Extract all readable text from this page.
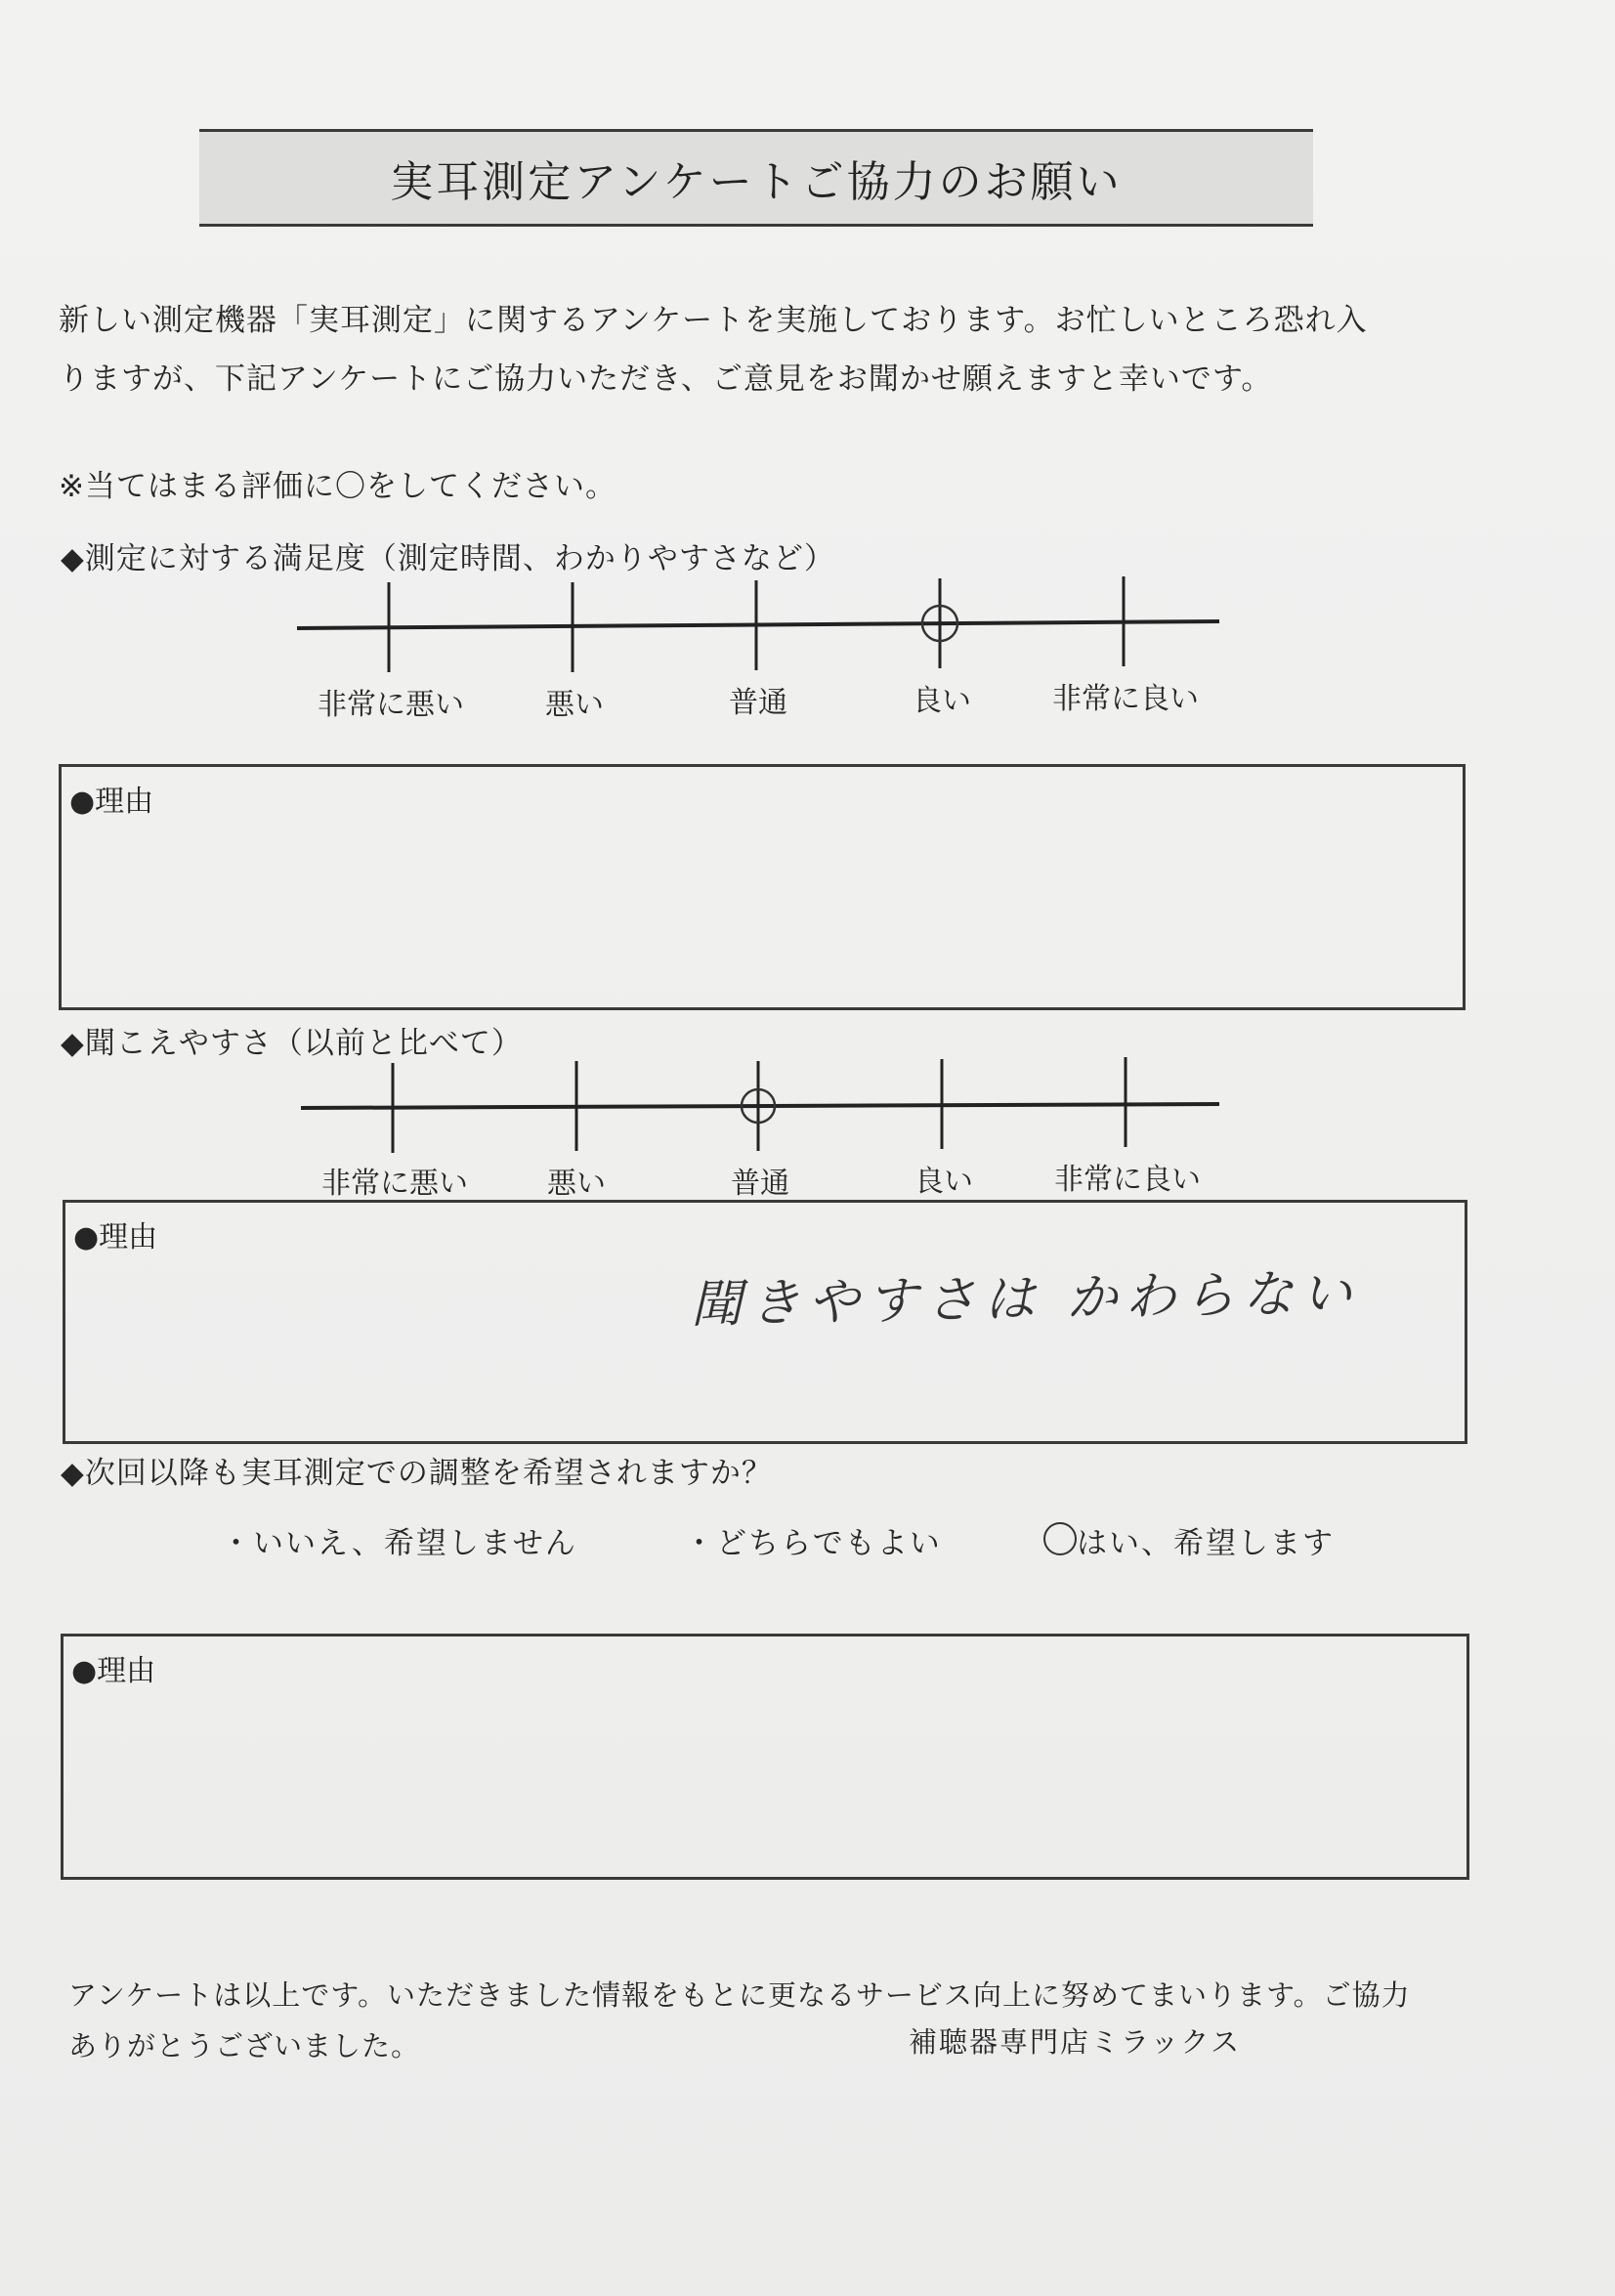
実耳測定アンケートご協力のお願い
新しい測定機器「実耳測定」に関するアンケートを実施しております。お忙しいところ恐れ入
りますが、下記アンケートにご協力いただき、ご意見をお聞かせ願えますと幸いです。
※当てはまる評価に〇をしてください。
◆測定に対する満足度（測定時間、わかりやすさなど）
非常に悪い	悪い	普通	良い	非常に良い
●理由
◆聞こえやすさ（以前と比べて）
非常に悪い	悪い	普通	良い	非常に良い
●理由
聞きやすさは かわらない
◆次回以降も実耳測定での調整を希望されますか？
・いいえ、希望しません	・どちらでもよい	はい、希望します
●理由
アンケートは以上です。いただきました情報をもとに更なるサービス向上に努めてまいります。ご協力
ありがとうございました。	補聴器専門店ミラックス
